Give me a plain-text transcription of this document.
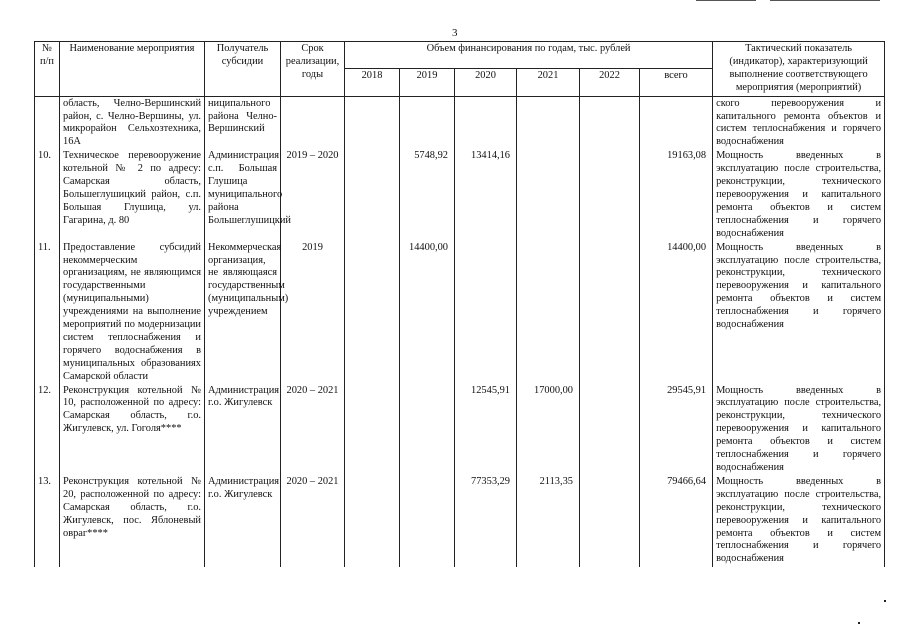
3
№ п/п	Наименование мероприятия	Получатель субсидии	Срок реализации, годы	Объем финансирования по годам, тыс. рублей						Тактический показатель (индикатор), характеризующий выполнение соответствующего мероприятия (мероприятий)
				2018	2019	2020	2021	2022	всего	
	область, Челно-Вершинский район, с. Челно-Вершины, ул. микрорайон Сельхозтехника, 16А	ниципального района Челно-Вершинский								ского перевооружения и капитального ремонта объектов и систем теплоснабжения и горячего водоснабжения
10.	Техническое перевооружение котельной № 2 по адресу: Самарская область, Большеглушицкий район, с.п. Большая Глушица, ул. Гагарина, д. 80	Администрация с.п. Большая Глушица муниципального района Большеглушицкий	2019 – 2020		5748,92	13414,16			19163,08	Мощность введенных в эксплуатацию после строительства, реконструкции, технического перевооружения и капитального ремонта объектов и систем теплоснабжения и горячего водоснабжения
11.	Предоставление субсидий некоммерческим организациям, не являющимся государственными (муниципальными) учреждениями на выполнение мероприятий по модернизации систем теплоснабжения и горячего водоснабжения в муниципальных образованиях Самарской области	Некоммерческая организация, не являющаяся государственным (муниципальным) учреждением	2019		14400,00				14400,00	Мощность введенных в эксплуатацию после строительства, реконструкции, технического перевооружения и капитального ремонта объектов и систем теплоснабжения и горячего водоснабжения
12.	Реконструкция котельной № 10, расположенной по адресу: Самарская область, г.о. Жигулевск, ул. Гоголя****	Администрация г.о. Жигулевск	2020 – 2021			12545,91	17000,00		29545,91	Мощность введенных в эксплуатацию после строительства, реконструкции, технического перевооружения и капитального ремонта объектов и систем теплоснабжения и горячего водоснабжения
13.	Реконструкция котельной № 20, расположенной по адресу: Самарская область, г.о. Жигулевск, пос. Яблоневый овраг****	Администрация г.о. Жигулевск	2020 – 2021			77353,29	2113,35		79466,64	Мощность введенных в эксплуатацию после строительства, реконструкции, технического перевооружения и капитального ремонта объектов и систем теплоснабжения и горячего водоснабжения
